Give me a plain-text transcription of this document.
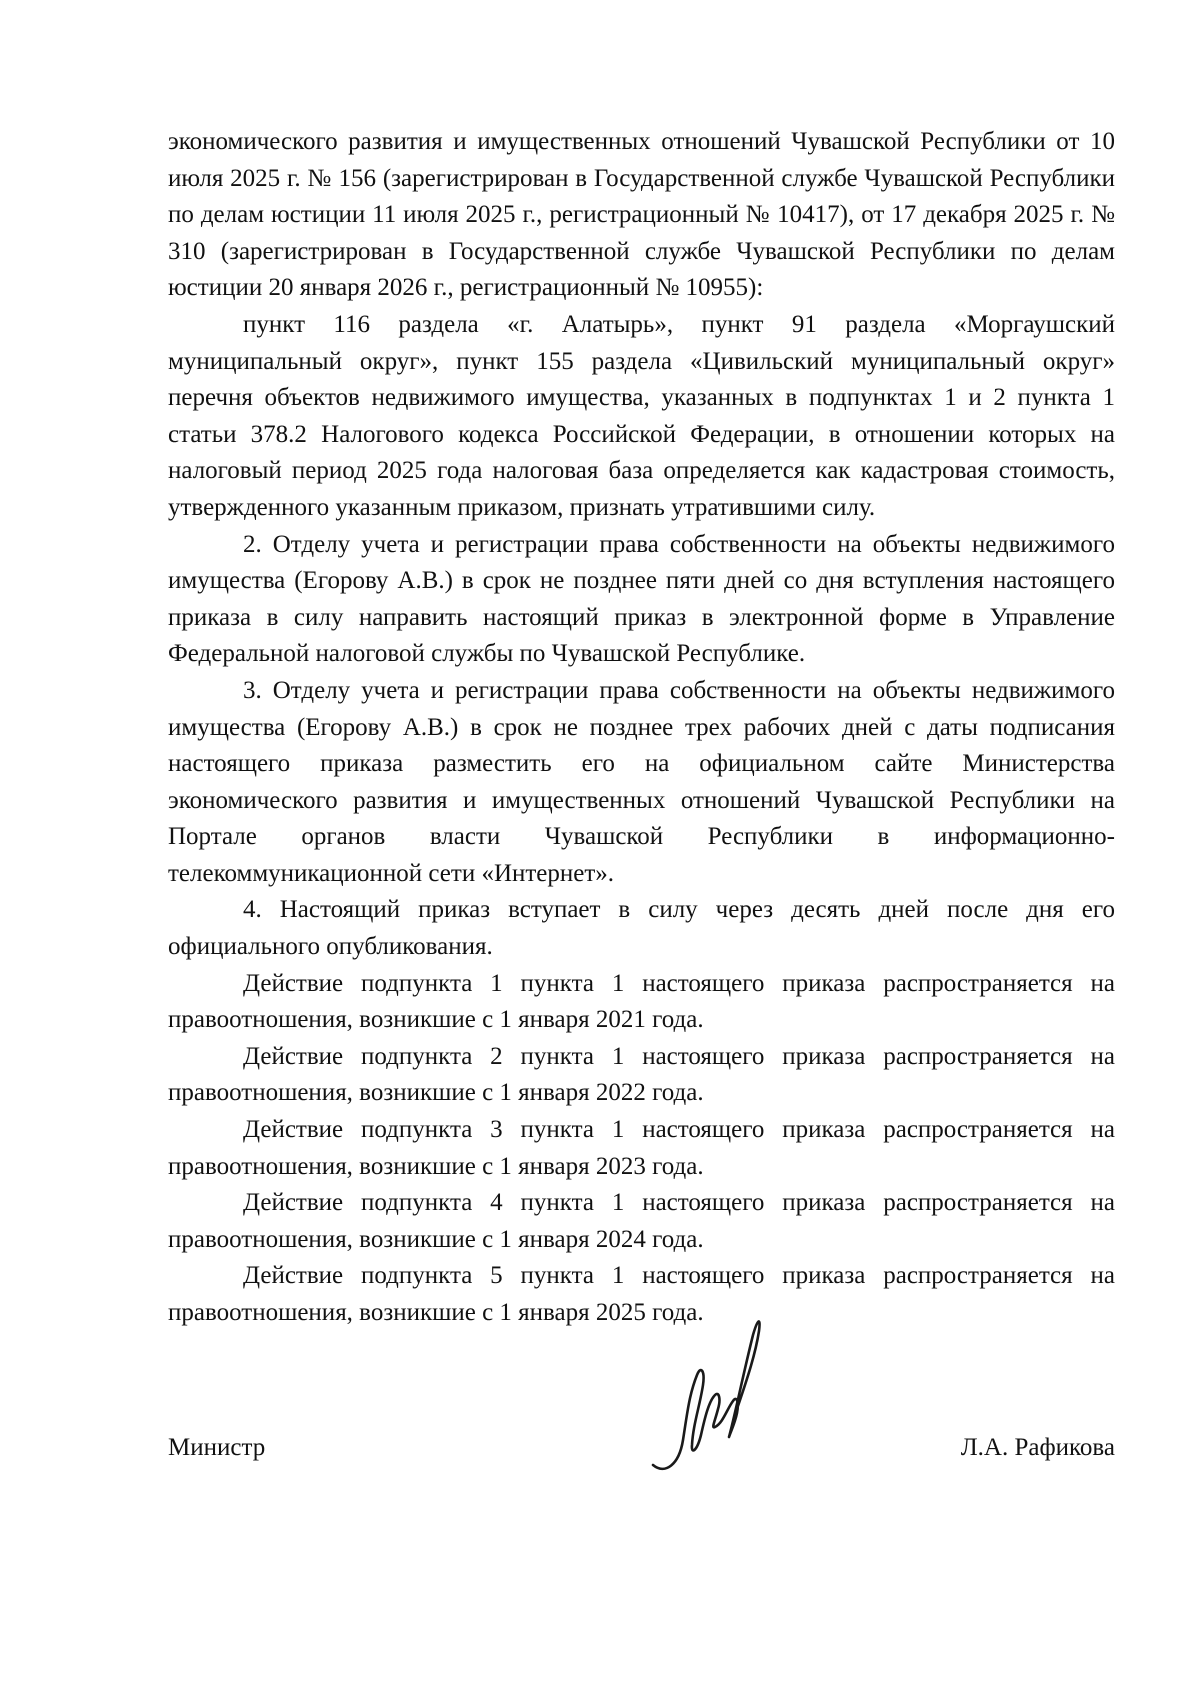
экономического развития и имущественных отношений Чувашской Республики от 10 июля 2025 г. № 156 (зарегистрирован в Государственной службе Чувашской Республики по делам юстиции 11 июля 2025 г., регистрационный № 10417), от 17 декабря 2025 г. № 310 (зарегистрирован в Государственной службе Чувашской Республики по делам юстиции 20 января 2026 г., регистрационный № 10955):

пункт 116 раздела «г. Алатырь», пункт 91 раздела «Моргаушский муниципальный округ», пункт 155 раздела «Цивильский муниципальный округ» перечня объектов недвижимого имущества, указанных в подпунктах 1 и 2 пункта 1 статьи 378.2 Налогового кодекса Российской Федерации, в отношении которых на налоговый период 2025 года налоговая база определяется как кадастровая стоимость, утвержденного указанным приказом, признать утратившими силу.

2. Отделу учета и регистрации права собственности на объекты недвижимого имущества (Егорову А.В.) в срок не позднее пяти дней со дня вступления настоящего приказа в силу направить настоящий приказ в электронной форме в Управление Федеральной налоговой службы по Чувашской Республике.

3. Отделу учета и регистрации права собственности на объекты недвижимого имущества (Егорову А.В.) в срок не позднее трех рабочих дней с даты подписания настоящего приказа разместить его на официальном сайте Министерства экономического развития и имущественных отношений Чувашской Республики на Портале органов власти Чувашской Республики в информационно-телекоммуникационной сети «Интернет».

4. Настоящий приказ вступает в силу через десять дней после дня его официального опубликования.

Действие подпункта 1 пункта 1 настоящего приказа распространяется на правоотношения, возникшие с 1 января 2021 года.

Действие подпункта 2 пункта 1 настоящего приказа распространяется на правоотношения, возникшие с 1 января 2022 года.

Действие подпункта 3 пункта 1 настоящего приказа распространяется на правоотношения, возникшие с 1 января 2023 года.

Действие подпункта 4 пункта 1 настоящего приказа распространяется на правоотношения, возникшие с 1 января 2024 года.

Действие подпункта 5 пункта 1 настоящего приказа распространяется на правоотношения, возникшие с 1 января 2025 года.

Министр	Л.А. Рафикова
